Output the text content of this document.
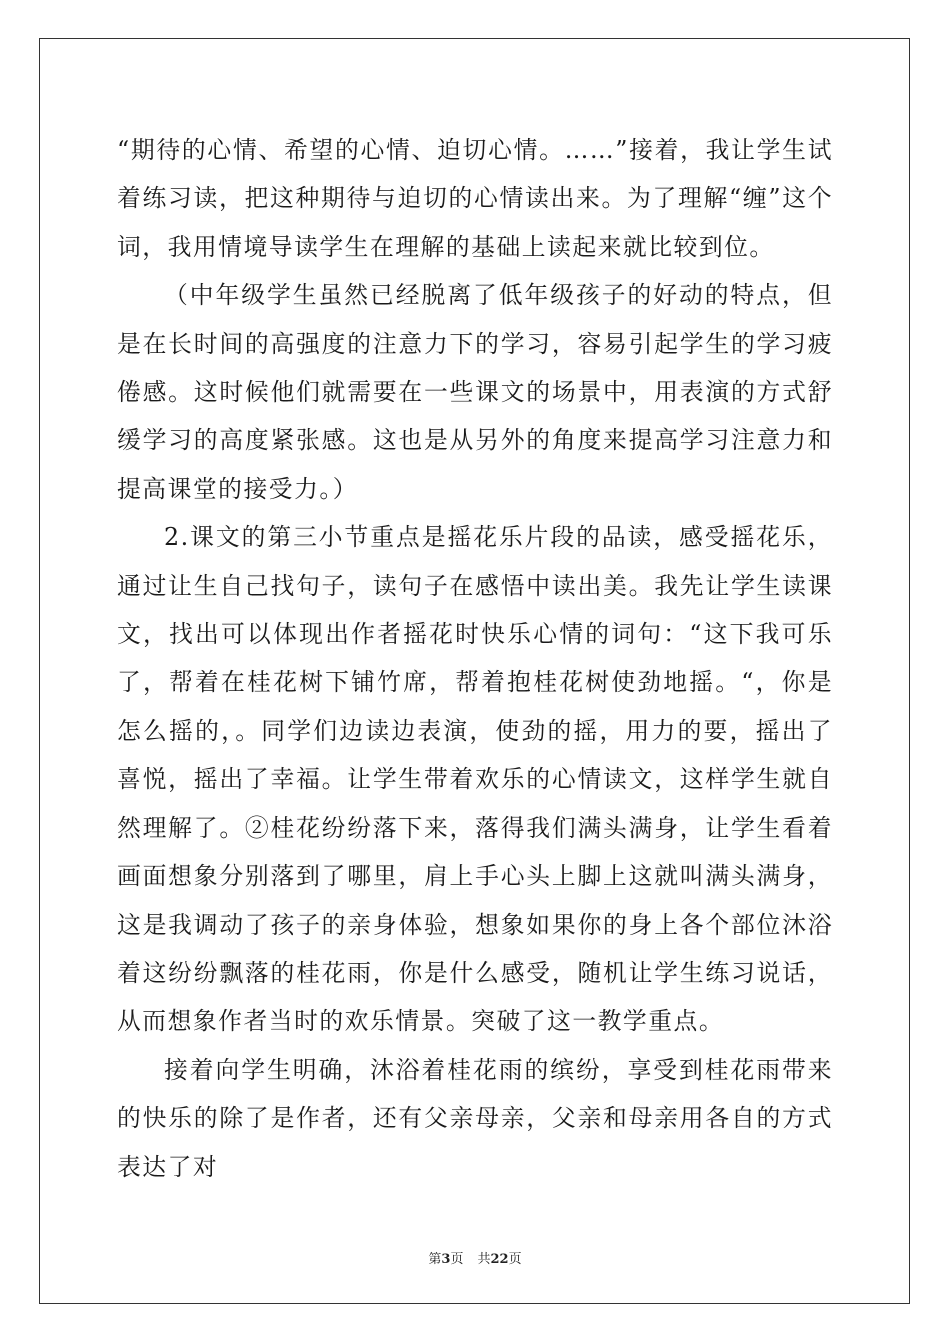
“期待的心情、希望的心情、迫切心情。……”接着，我让学生试着练习读，把这种期待与迫切的心情读出来。为了理解“缠”这个词，我用情境导读学生在理解的基础上读起来就比较到位。

（中年级学生虽然已经脱离了低年级孩子的好动的特点，但是在长时间的高强度的注意力下的学习，容易引起学生的学习疲倦感。这时候他们就需要在一些课文的场景中，用表演的方式舒缓学习的高度紧张感。这也是从另外的角度来提高学习注意力和提高课堂的接受力。）

2.课文的第三小节重点是摇花乐片段的品读，感受摇花乐，通过让生自己找句子，读句子在感悟中读出美。我先让学生读课文，找出可以体现出作者摇花时快乐心情的词句：“这下我可乐了，帮着在桂花树下铺竹席，帮着抱桂花树使劲地摇。“，你是怎么摇的，。同学们边读边表演，使劲的摇，用力的要，摇出了喜悦，摇出了幸福。让学生带着欢乐的心情读文，这样学生就自然理解了。②桂花纷纷落下来，落得我们满头满身，让学生看着画面想象分别落到了哪里，肩上手心头上脚上这就叫满头满身，这是我调动了孩子的亲身体验，想象如果你的身上各个部位沐浴着这纷纷飘落的桂花雨，你是什么感受，随机让学生练习说话，从而想象作者当时的欢乐情景。突破了这一教学重点。

接着向学生明确，沐浴着桂花雨的缤纷，享受到桂花雨带来的快乐的除了是作者，还有父亲母亲，父亲和母亲用各自的方式表达了对

第3页 共22页
